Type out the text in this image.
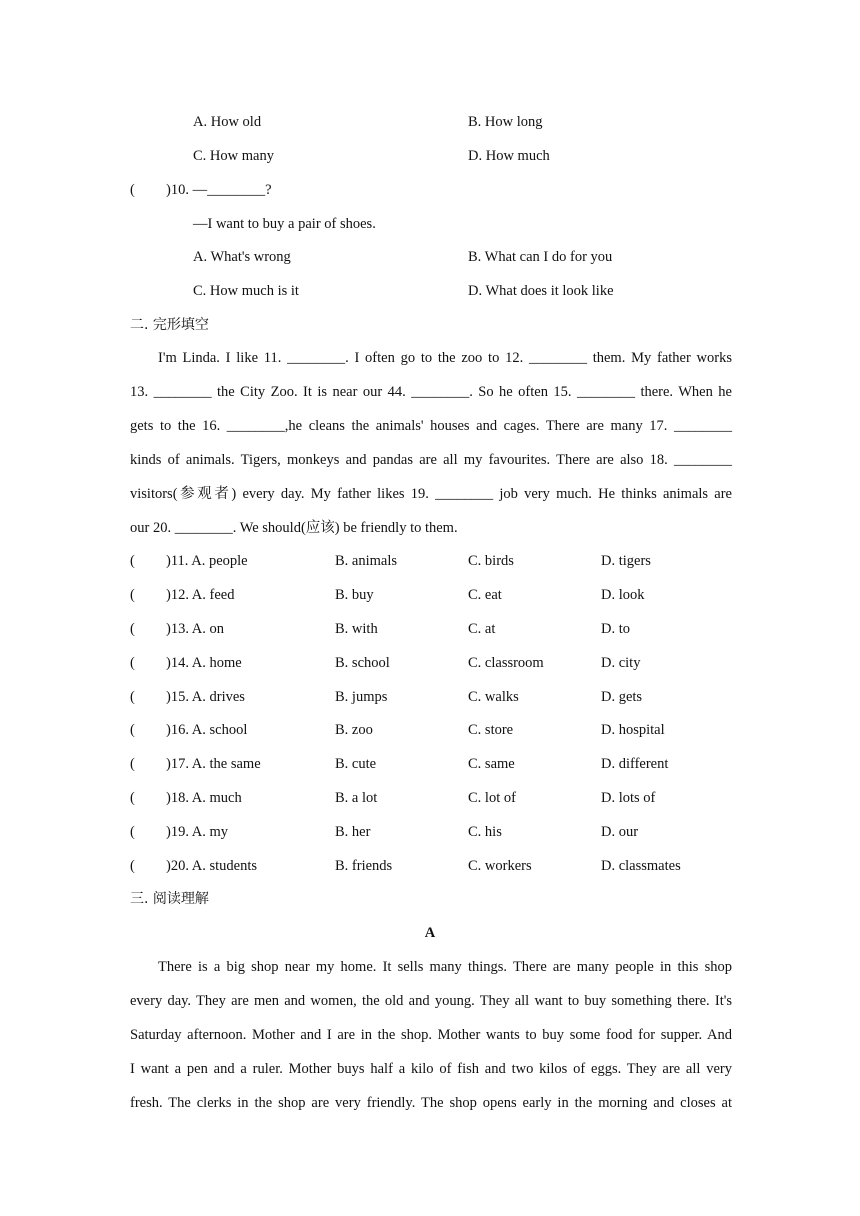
A. How old	B. How long
C. How many	D. How much
( )10. —________?
—I want to buy a pair of shoes.
A. What's wrong	B. What can I do for you
C. How much is it	D. What does it look like
二. 完形填空
I'm Linda. I like 11. ________. I often go to the zoo to 12. ________ them. My father works
13. ________ the City Zoo. It is near our 44. ________. So he often 15. ________ there. When he
gets to the 16. ________,he cleans the animals' houses and cages. There are many 17. ________
kinds of animals. Tigers, monkeys and pandas are all my favourites. There are also 18. ________
visitors(参观者) every day. My father likes 19. ________ job very much. He thinks animals are
our 20. ________. We should(应该) be friendly to them.
( )11. A. people	B. animals	C. birds	D. tigers
( )12. A. feed	B. buy	C. eat	D. look
( )13. A. on	B. with	C. at	D. to
( )14. A. home	B. school	C. classroom	D. city
( )15. A. drives	B. jumps	C. walks	D. gets
( )16. A. school	B. zoo	C. store	D. hospital
( )17. A. the same	B. cute	C. same	D. different
( )18. A. much	B. a lot	C. lot of	D. lots of
( )19. A. my	B. her	C. his	D. our
( )20. A. students	B. friends	C. workers	D. classmates
三. 阅读理解
A
There is a big shop near my home. It sells many things. There are many people in this shop
every day. They are men and women, the old and young. They all want to buy something there. It's
Saturday afternoon. Mother and I are in the shop. Mother wants to buy some food for supper. And
I want a pen and a ruler. Mother buys half a kilo of fish and two kilos of eggs. They are all very
fresh. The clerks in the shop are very friendly. The shop opens early in the morning and closes at
